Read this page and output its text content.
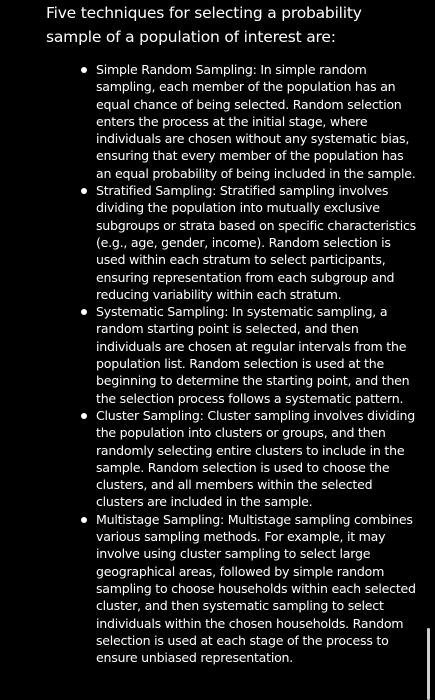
Five techniques for selecting a probability sample of a population of interest are:

Simple Random Sampling: In simple random sampling, each member of the population has an equal chance of being selected. Random selection enters the process at the initial stage, where individuals are chosen without any systematic bias, ensuring that every member of the population has an equal probability of being included in the sample.
Stratified Sampling: Stratified sampling involves dividing the population into mutually exclusive subgroups or strata based on specific characteristics (e.g., age, gender, income). Random selection is used within each stratum to select participants, ensuring representation from each subgroup and reducing variability within each stratum.
Systematic Sampling: In systematic sampling, a random starting point is selected, and then individuals are chosen at regular intervals from the population list. Random selection is used at the beginning to determine the starting point, and then the selection process follows a systematic pattern.
Cluster Sampling: Cluster sampling involves dividing the population into clusters or groups, and then randomly selecting entire clusters to include in the sample. Random selection is used to choose the clusters, and all members within the selected clusters are included in the sample.
Multistage Sampling: Multistage sampling combines various sampling methods. For example, it may involve using cluster sampling to select large geographical areas, followed by simple random sampling to choose households within each selected cluster, and then systematic sampling to select individuals within the chosen households. Random selection is used at each stage of the process to ensure unbiased representation.
